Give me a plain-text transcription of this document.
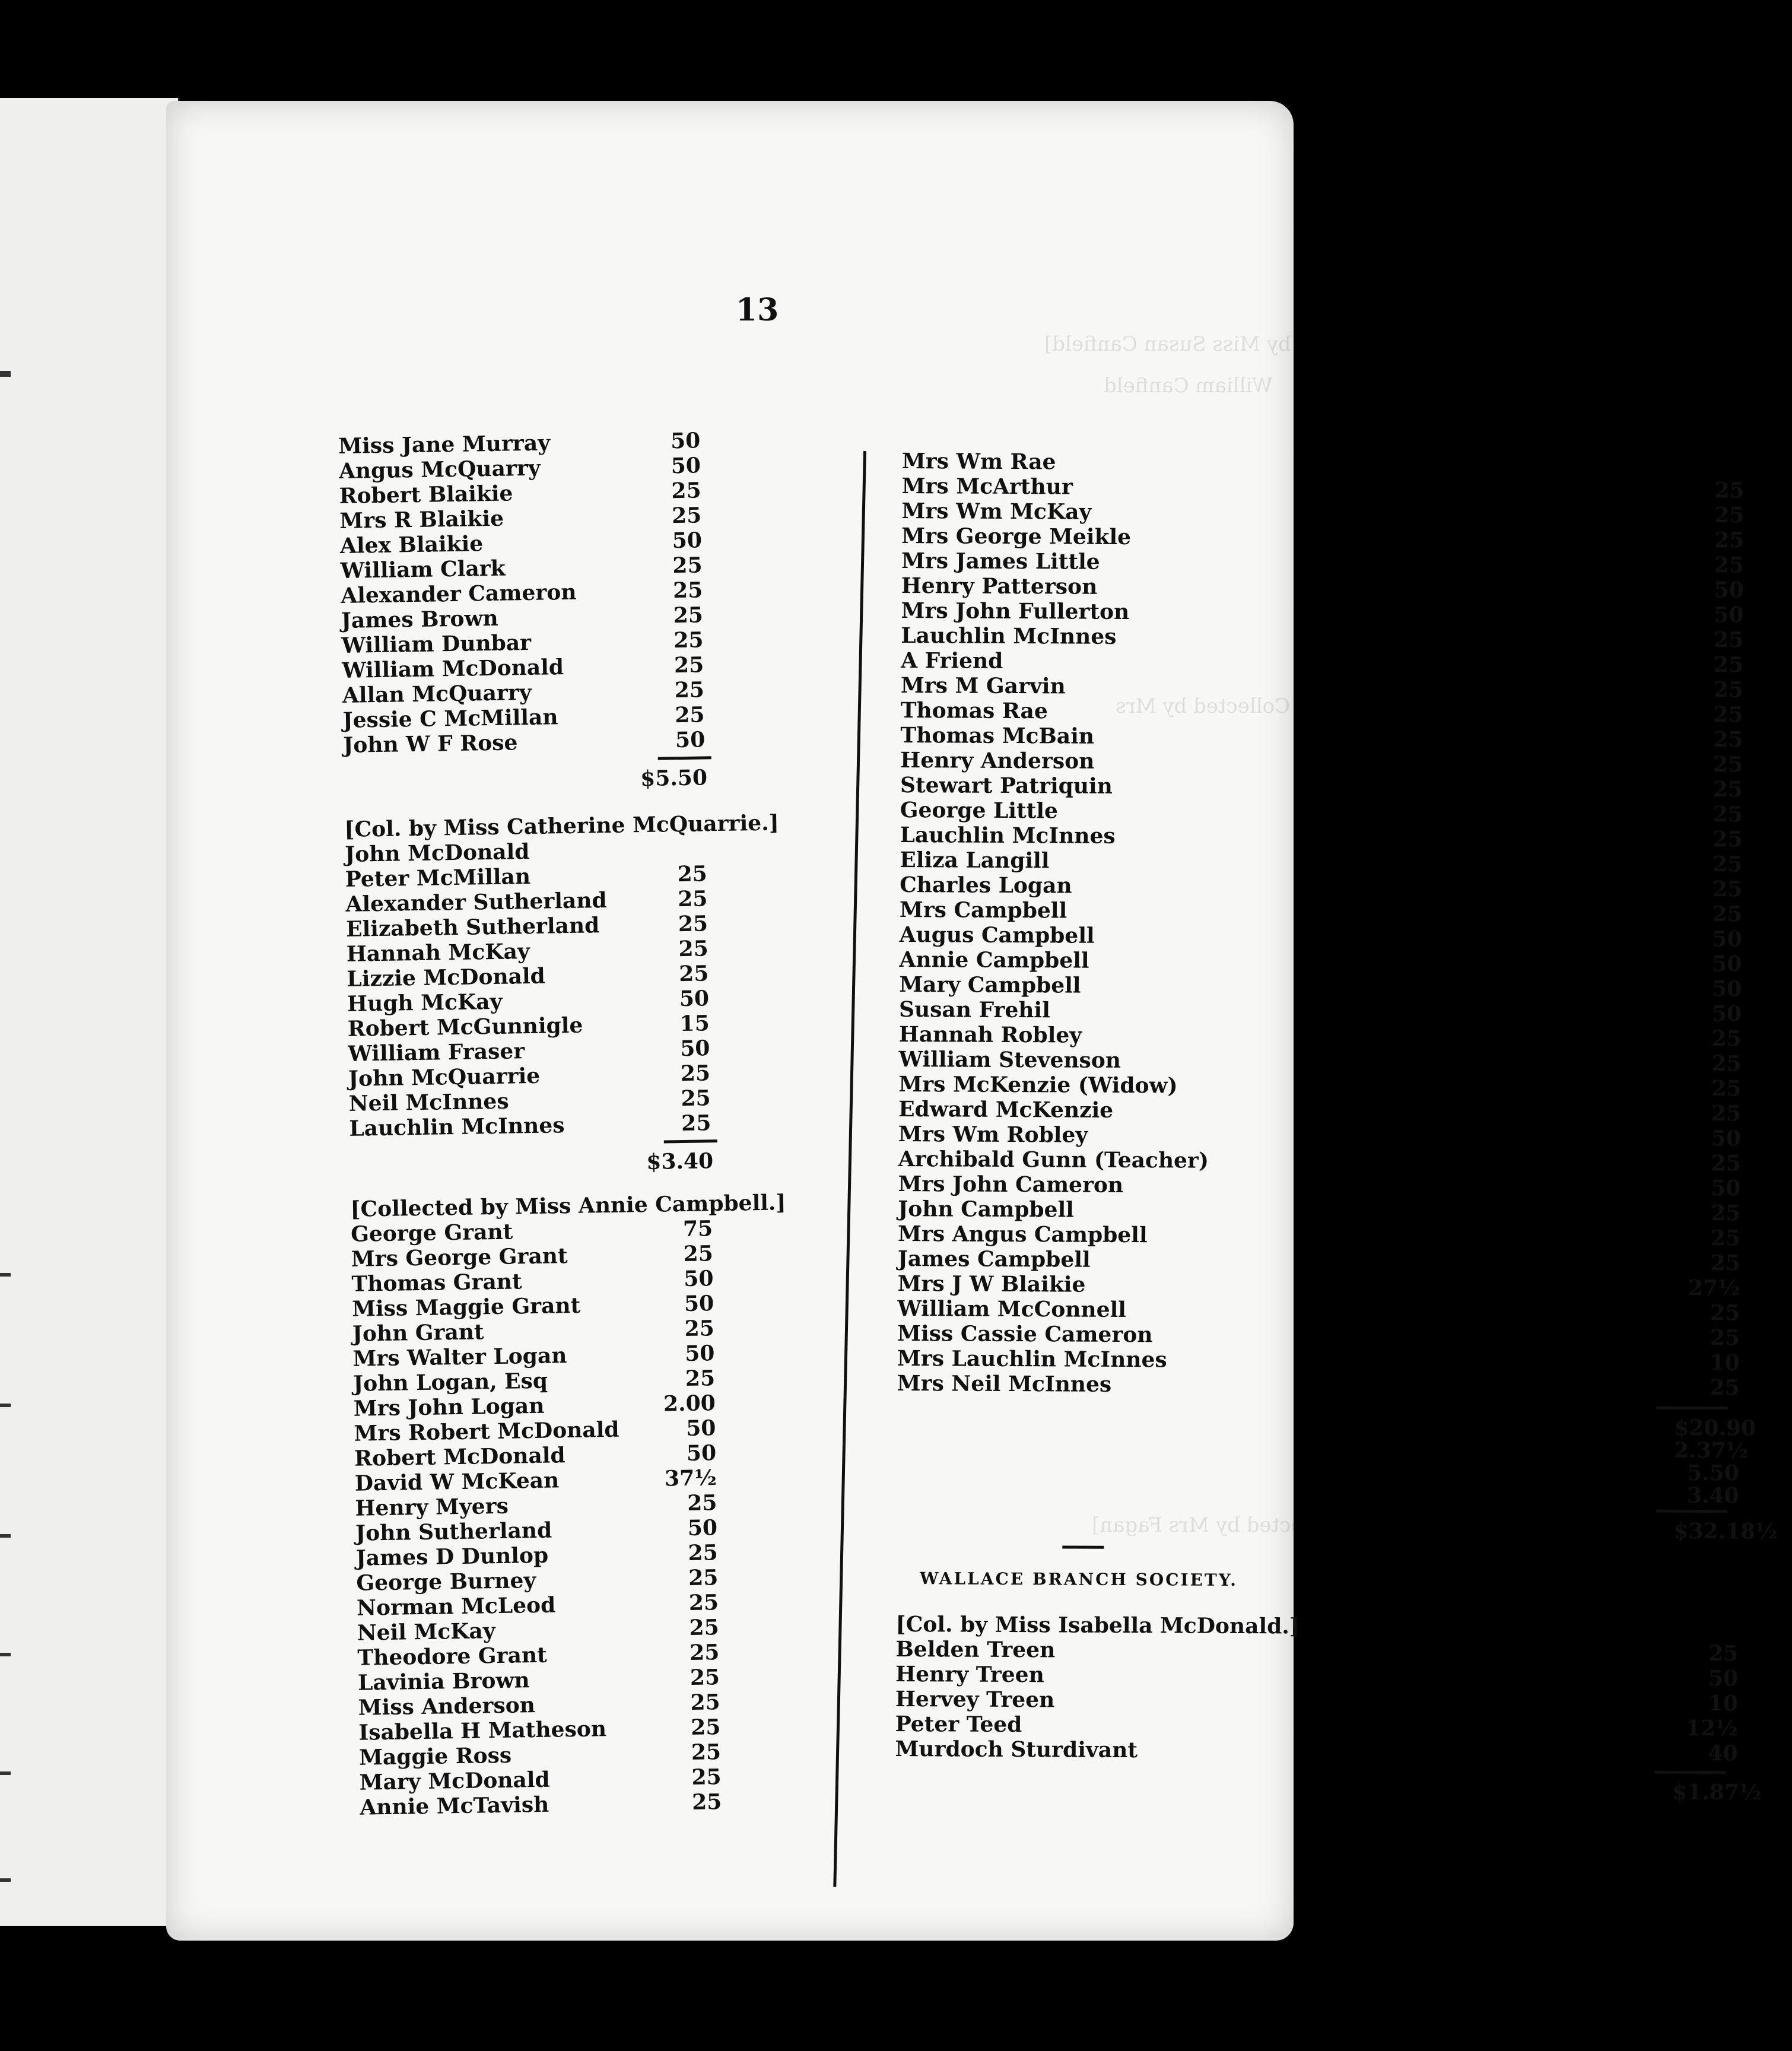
[Col. by Miss Susan Canfield]
William Canfield
Collected by Mrs
[Collected by Mrs Fagan]
13
Miss Jane Murray	50
Angus McQuarry	50
Robert Blaikie	25
Mrs R Blaikie	25
Alex Blaikie	50
William Clark	25
Alexander Cameron	25
James Brown	25
William Dunbar	25
William McDonald	25
Allan McQuarry	25
Jessie C McMillan	25
John W F Rose	50
$5.50
[Col. by Miss Catherine McQuarrie.]
John McDonald
Peter McMillan	25
Alexander Sutherland	25
Elizabeth Sutherland	25
Hannah McKay	25
Lizzie McDonald	25
Hugh McKay	50
Robert McGunnigle	15
William Fraser	50
John McQuarrie	25
Neil McInnes	25
Lauchlin McInnes	25
$3.40
[Collected by Miss Annie Campbell.]
George Grant	75
Mrs George Grant	25
Thomas Grant	50
Miss Maggie Grant	50
John Grant	25
Mrs Walter Logan	50
John Logan, Esq	25
Mrs John Logan	2.00
Mrs Robert McDonald	50
Robert McDonald	50
David W McKean	37½
Henry Myers	25
John Sutherland	50
James D Dunlop	25
George Burney	25
Norman McLeod	25
Neil McKay	25
Theodore Grant	25
Lavinia Brown	25
Miss Anderson	25
Isabella H Matheson	25
Maggie Ross	25
Mary McDonald	25
Annie McTavish	25
Mrs Wm Rae
Mrs McArthur	25
Mrs Wm McKay	25
Mrs George Meikle	25
Mrs James Little	25
Henry Patterson	50
Mrs John Fullerton	50
Lauchlin McInnes	25
A Friend	25
Mrs M Garvin	25
Thomas Rae	25
Thomas McBain	25
Henry Anderson	25
Stewart Patriquin	25
George Little	25
Lauchlin McInnes	25
Eliza Langill	25
Charles Logan	25
Mrs Campbell	25
Augus Campbell	50
Annie Campbell	50
Mary Campbell	50
Susan Frehil	50
Hannah Robley	25
William Stevenson	25
Mrs McKenzie (Widow)	25
Edward McKenzie	25
Mrs Wm Robley	50
Archibald Gunn (Teacher)	25
Mrs John Cameron	50
John Campbell	25
Mrs Angus Campbell	25
James Campbell	25
Mrs J W Blaikie	27½
William McConnell	25
Miss Cassie Cameron	25
Mrs Lauchlin McInnes	10
Mrs Neil McInnes	25
$20.90
2.37½
5.50
3.40
$32.18½
WALLACE BRANCH SOCIETY.
[Col. by Miss Isabella McDonald.]
Belden Treen	25
Henry Treen	50
Hervey Treen	10
Peter Teed	12½
Murdoch Sturdivant	40
$1.87½
